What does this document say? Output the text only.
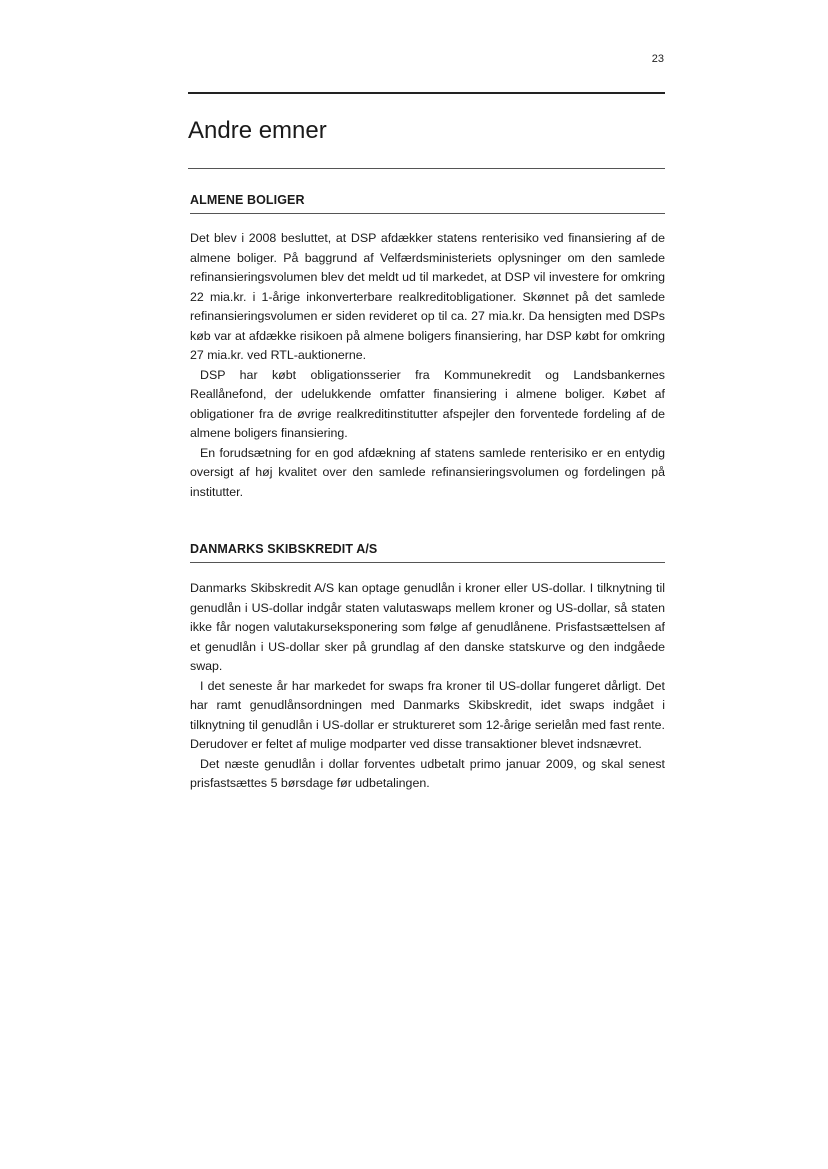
23
Andre emner
ALMENE BOLIGER

Det blev i 2008 besluttet, at DSP afdækker statens renterisiko ved finansiering af de almene boliger. På baggrund af Velfærdsministeriets oplysninger om den samlede refinansieringsvolumen blev det meldt ud til markedet, at DSP vil investere for omkring 22 mia.kr. i 1-årige inkonverterbare realkreditobligationer. Skønnet på det samlede refinansieringsvolumen er siden revideret op til ca. 27 mia.kr. Da hensigten med DSPs køb var at afdække risikoen på almene boligers finansiering, har DSP købt for omkring 27 mia.kr. ved RTL-auktionerne.

DSP har købt obligationsserier fra Kommunekredit og Landsbankernes Reallånefond, der udelukkende omfatter finansiering i almene boliger. Købet af obligationer fra de øvrige realkreditinstitutter afspejler den forventede fordeling af de almene boligers finansiering.

En forudsætning for en god afdækning af statens samlede renterisiko er en entydig oversigt af høj kvalitet over den samlede refinansieringsvolumen og fordelingen på institutter.

DANMARKS SKIBSKREDIT A/S

Danmarks Skibskredit A/S kan optage genudlån i kroner eller US-dollar. I tilknytning til genudlån i US-dollar indgår staten valutaswaps mellem kroner og US-dollar, så staten ikke får nogen valutakurseksponering som følge af genudlånene. Prisfastsættelsen af et genudlån i US-dollar sker på grundlag af den danske statskurve og den indgåede swap.

I det seneste år har markedet for swaps fra kroner til US-dollar fungeret dårligt. Det har ramt genudlånsordningen med Danmarks Skibskredit, idet swaps indgået i tilknytning til genudlån i US-dollar er struktureret som 12-årige serielån med fast rente. Derudover er feltet af mulige modparter ved disse transaktioner blevet indsnævret.

Det næste genudlån i dollar forventes udbetalt primo januar 2009, og skal senest prisfastsættes 5 børsdage før udbetalingen.
